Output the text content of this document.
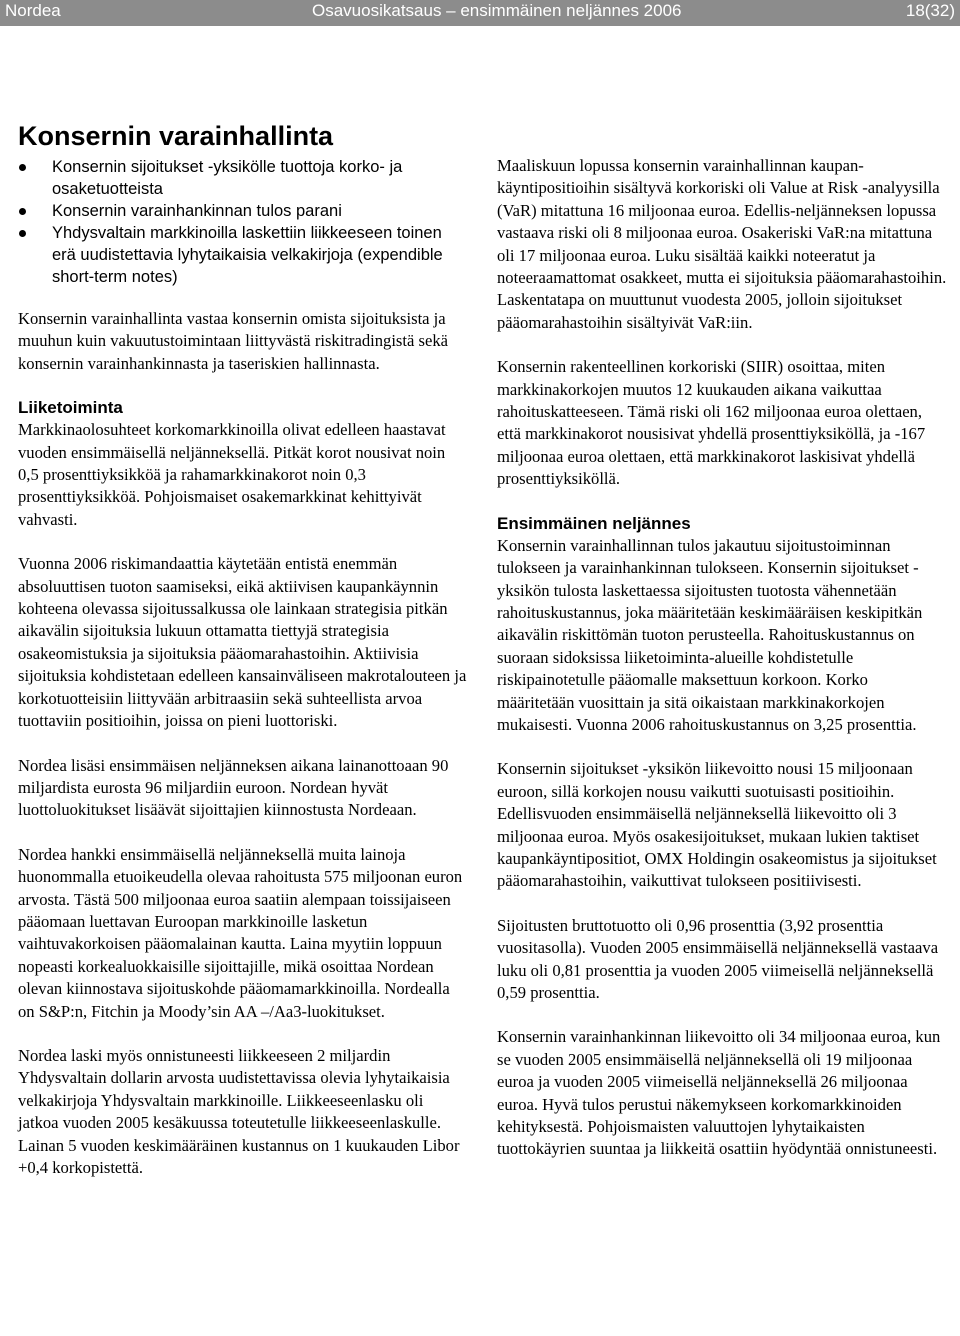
Nordea	Osavuosikatsaus – ensimmäinen neljännes 2006	18(32)
Konsernin varainhallinta
Konsernin sijoitukset -yksikölle tuottoja korko- ja osaketuotteista
Konsernin varainhankinnan tulos parani
Yhdysvaltain markkinoilla laskettiin liikkeeseen toinen erä uudistettavia lyhytaikaisia velkakirjoja (expendible short-term notes)

Konsernin varainhallinta vastaa konsernin omista sijoituksista ja muuhun kuin vakuutustoimintaan liittyvästä riskitradingistä sekä konsernin varainhankinnasta ja taseriskien hallinnasta.

Liiketoiminta

Markkinaolosuhteet korkomarkkinoilla olivat edelleen haastavat vuoden ensimmäisellä neljänneksellä. Pitkät korot nousivat noin 0,5 prosenttiyksikköä ja rahamarkkinakorot noin 0,3 prosenttiyksikköä. Pohjoismaiset osakemarkkinat kehittyivät vahvasti.

Vuonna 2006 riskimandaattia käytetään entistä enemmän absoluuttisen tuoton saamiseksi, eikä aktiivisen kaupankäynnin kohteena olevassa sijoitussalkussa ole lainkaan strategisia pitkän aikavälin sijoituksia lukuun ottamatta tiettyjä strategisia osakeomistuksia ja sijoituksia pääomarahastoihin. Aktiivisia sijoituksia kohdistetaan edelleen kansainväliseen makrotalouteen ja korkotuotteisiin liittyvään arbitraasiin sekä suhteellista arvoa tuottaviin positioihin, joissa on pieni luottoriski.

Nordea lisäsi ensimmäisen neljänneksen aikana lainanottoaan 90 miljardista eurosta 96 miljardiin euroon. Nordean hyvät luottoluokitukset lisäävät sijoittajien kiinnostusta Nordeaan.

Nordea hankki ensimmäisellä neljänneksellä muita lainoja huonommalla etuoikeudella olevaa rahoitusta 575 miljoonan euron arvosta. Tästä 500 miljoonaa euroa saatiin alempaan toissijaiseen pääomaan luettavan Euroopan markkinoille lasketun vaihtuvakorkoisen pääomalainan kautta. Laina myytiin loppuun nopeasti korkealuokkaisille sijoittajille, mikä osoittaa Nordean olevan kiinnostava sijoituskohde pääomamarkkinoilla. Nordealla on S&P:n, Fitchin ja Moody’sin AA –/Aa3-luokitukset.

Nordea laski myös onnistuneesti liikkeeseen 2 miljardin Yhdysvaltain dollarin arvosta uudistettavissa olevia lyhytaikaisia velkakirjoja Yhdysvaltain markkinoille. Liikkeeseenlasku oli jatkoa vuoden 2005 kesäkuussa toteutetulle liikkeeseenlaskulle. Lainan 5 vuoden keskimääräinen kustannus on 1 kuukauden Libor +0,4 korkopistettä.

Maaliskuun lopussa konsernin varainhallinnan kaupan-käyntipositioihin sisältyvä korkoriski oli Value at Risk -analyysilla (VaR) mitattuna 16 miljoonaa euroa. Edellis-neljänneksen lopussa vastaava riski oli 8 miljoonaa euroa. Osakeriski VaR:na mitattuna oli 17 miljoonaa euroa. Luku sisältää kaikki noteeratut ja noteeraamattomat osakkeet, mutta ei sijoituksia pääomarahastoihin. Laskentatapa on muuttunut vuodesta 2005, jolloin sijoitukset pääomarahastoihin sisältyivät VaR:iin.

Konsernin rakenteellinen korkoriski (SIIR) osoittaa, miten markkinakorkojen muutos 12 kuukauden aikana vaikuttaa rahoituskatteeseen. Tämä riski oli 162 miljoonaa euroa olettaen, että markkinakorot nousisivat yhdellä prosenttiyksiköllä, ja -167 miljoonaa euroa olettaen, että markkinakorot laskisivat yhdellä prosenttiyksiköllä.

Ensimmäinen neljännes

Konsernin varainhallinnan tulos jakautuu sijoitustoiminnan tulokseen ja varainhankinnan tulokseen. Konsernin sijoitukset -yksikön tulosta laskettaessa sijoitusten tuotosta vähennetään rahoituskustannus, joka määritetään keskimääräisen keskipitkän aikavälin riskittömän tuoton perusteella. Rahoituskustannus on suoraan sidoksissa liiketoiminta-alueille kohdistetulle riskipainotetulle pääomalle maksettuun korkoon. Korko määritetään vuosittain ja sitä oikaistaan markkinakorkojen mukaisesti. Vuonna 2006 rahoituskustannus on 3,25 prosenttia.

Konsernin sijoitukset -yksikön liikevoitto nousi 15 miljoonaan euroon, sillä korkojen nousu vaikutti suotuisasti positioihin. Edellisvuoden ensimmäisellä neljänneksellä liikevoitto oli 3 miljoonaa euroa. Myös osakesijoitukset, mukaan lukien taktiset kaupankäyntipositiot, OMX Holdingin osakeomistus ja sijoitukset pääomarahastoihin, vaikuttivat tulokseen positiivisesti.

Sijoitusten bruttotuotto oli 0,96 prosenttia (3,92 prosenttia vuositasolla). Vuoden 2005 ensimmäisellä neljänneksellä vastaava luku oli 0,81 prosenttia ja vuoden 2005 viimeisellä neljänneksellä 0,59 prosenttia.

Konsernin varainhankinnan liikevoitto oli 34 miljoonaa euroa, kun se vuoden 2005 ensimmäisellä neljänneksellä oli 19 miljoonaa euroa ja vuoden 2005 viimeisellä neljänneksellä 26 miljoonaa euroa. Hyvä tulos perustui näkemykseen korkomarkkinoiden kehityksestä. Pohjoismaisten valuuttojen lyhytaikaisten tuottokäyrien suuntaa ja liikkeitä osattiin hyödyntää onnistuneesti.
